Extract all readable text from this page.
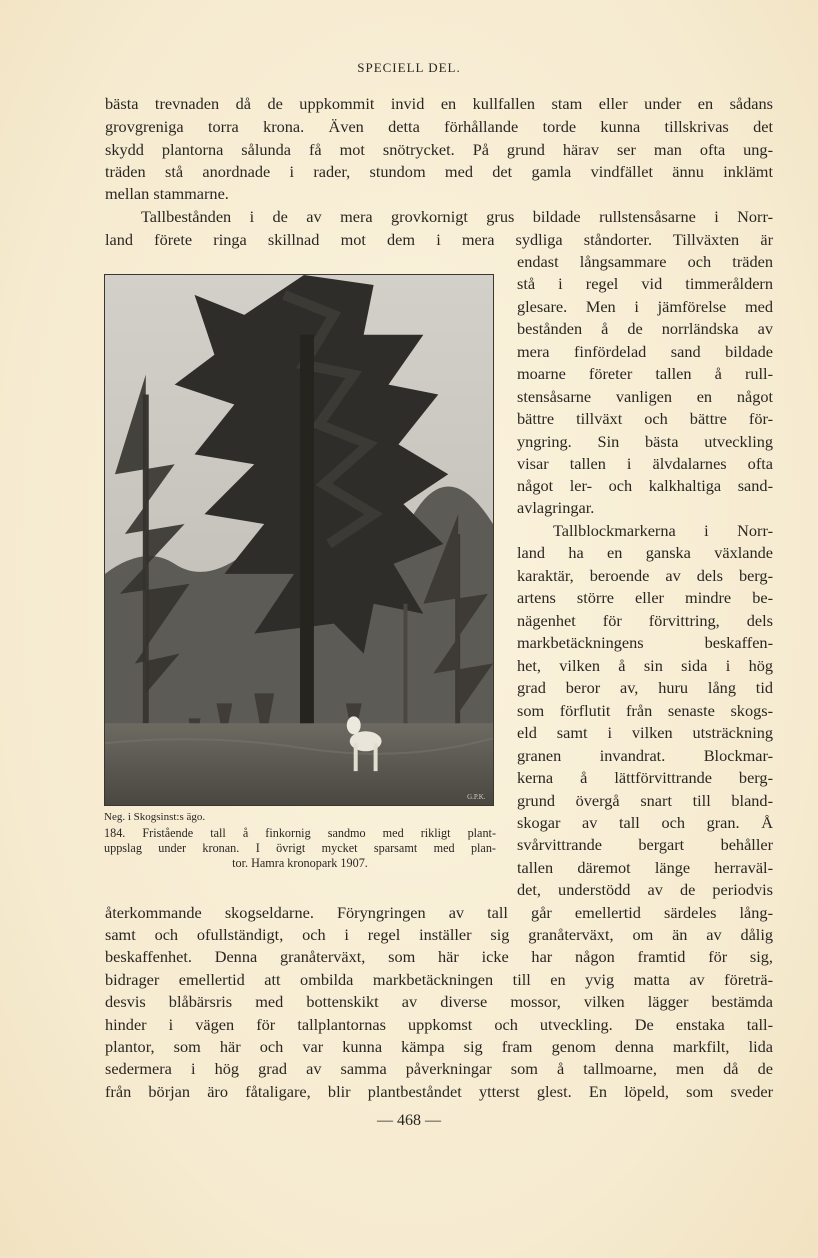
SPECIELL DEL.
bästa trevnaden då de uppkommit invid en kullfallen stam eller under en sådans
grovgreniga torra krona. Även detta förhållande torde kunna tillskrivas det
skydd plantorna sålunda få mot snötrycket. På grund härav ser man ofta ung-
träden stå anordnade i rader, stundom med det gamla vindfället ännu inklämt
mellan stammarne.
Tallbestånden i de av mera grovkornigt grus bildade rullstensåsarne i Norr-
land förete ringa skillnad mot dem i mera sydliga ståndorter. Tillväxten är
endast långsammare och träden
stå i regel vid timmeråldern
glesare. Men i jämförelse med
bestånden å de norrländska av
mera finfördelad sand bildade
moarne företer tallen å rull-
stensåsarne vanligen en något
bättre tillväxt och bättre för-
yngring. Sin bästa utveckling
visar tallen i älvdalarnes ofta
något ler- och kalkhaltiga sand-
avlagringar.
Tallblockmarkerna i Norr-
land ha en ganska växlande
karaktär, beroende av dels berg-
artens större eller mindre be-
nägenhet för förvittring, dels
markbetäckningens beskaffen-
het, vilken å sin sida i hög
grad beror av, huru lång tid
som förflutit från senaste skogs-
eld samt i vilken utsträckning
granen invandrat. Blockmar-
kerna å lättförvittrande berg-
grund övergå snart till bland-
skogar av tall och gran. Å
svårvittrande bergart behåller
tallen däremot länge herraväl-
det, understödd av de periodvis
G.P.K.
Neg. i Skogsinst:s ägo.
184. Fristående tall å finkornig sandmo med rikligt plant-
uppslag under kronan. I övrigt mycket sparsamt med plan-
tor. Hamra kronopark 1907.
återkommande skogseldarne. Föryngringen av tall går emellertid särdeles lång-
samt och ofullständigt, och i regel inställer sig granåterväxt, om än av dålig
beskaffenhet. Denna granåterväxt, som här icke har någon framtid för sig,
bidrager emellertid att ombilda markbetäckningen till en yvig matta av företrä-
desvis blåbärsris med bottenskikt av diverse mossor, vilken lägger bestämda
hinder i vägen för tallplantornas uppkomst och utveckling. De enstaka tall-
plantor, som här och var kunna kämpa sig fram genom denna markfilt, lida
sedermera i hög grad av samma påverkningar som å tallmoarne, men då de
från början äro fåtaligare, blir plantbeståndet ytterst glest. En löpeld, som sveder
— 468 —
